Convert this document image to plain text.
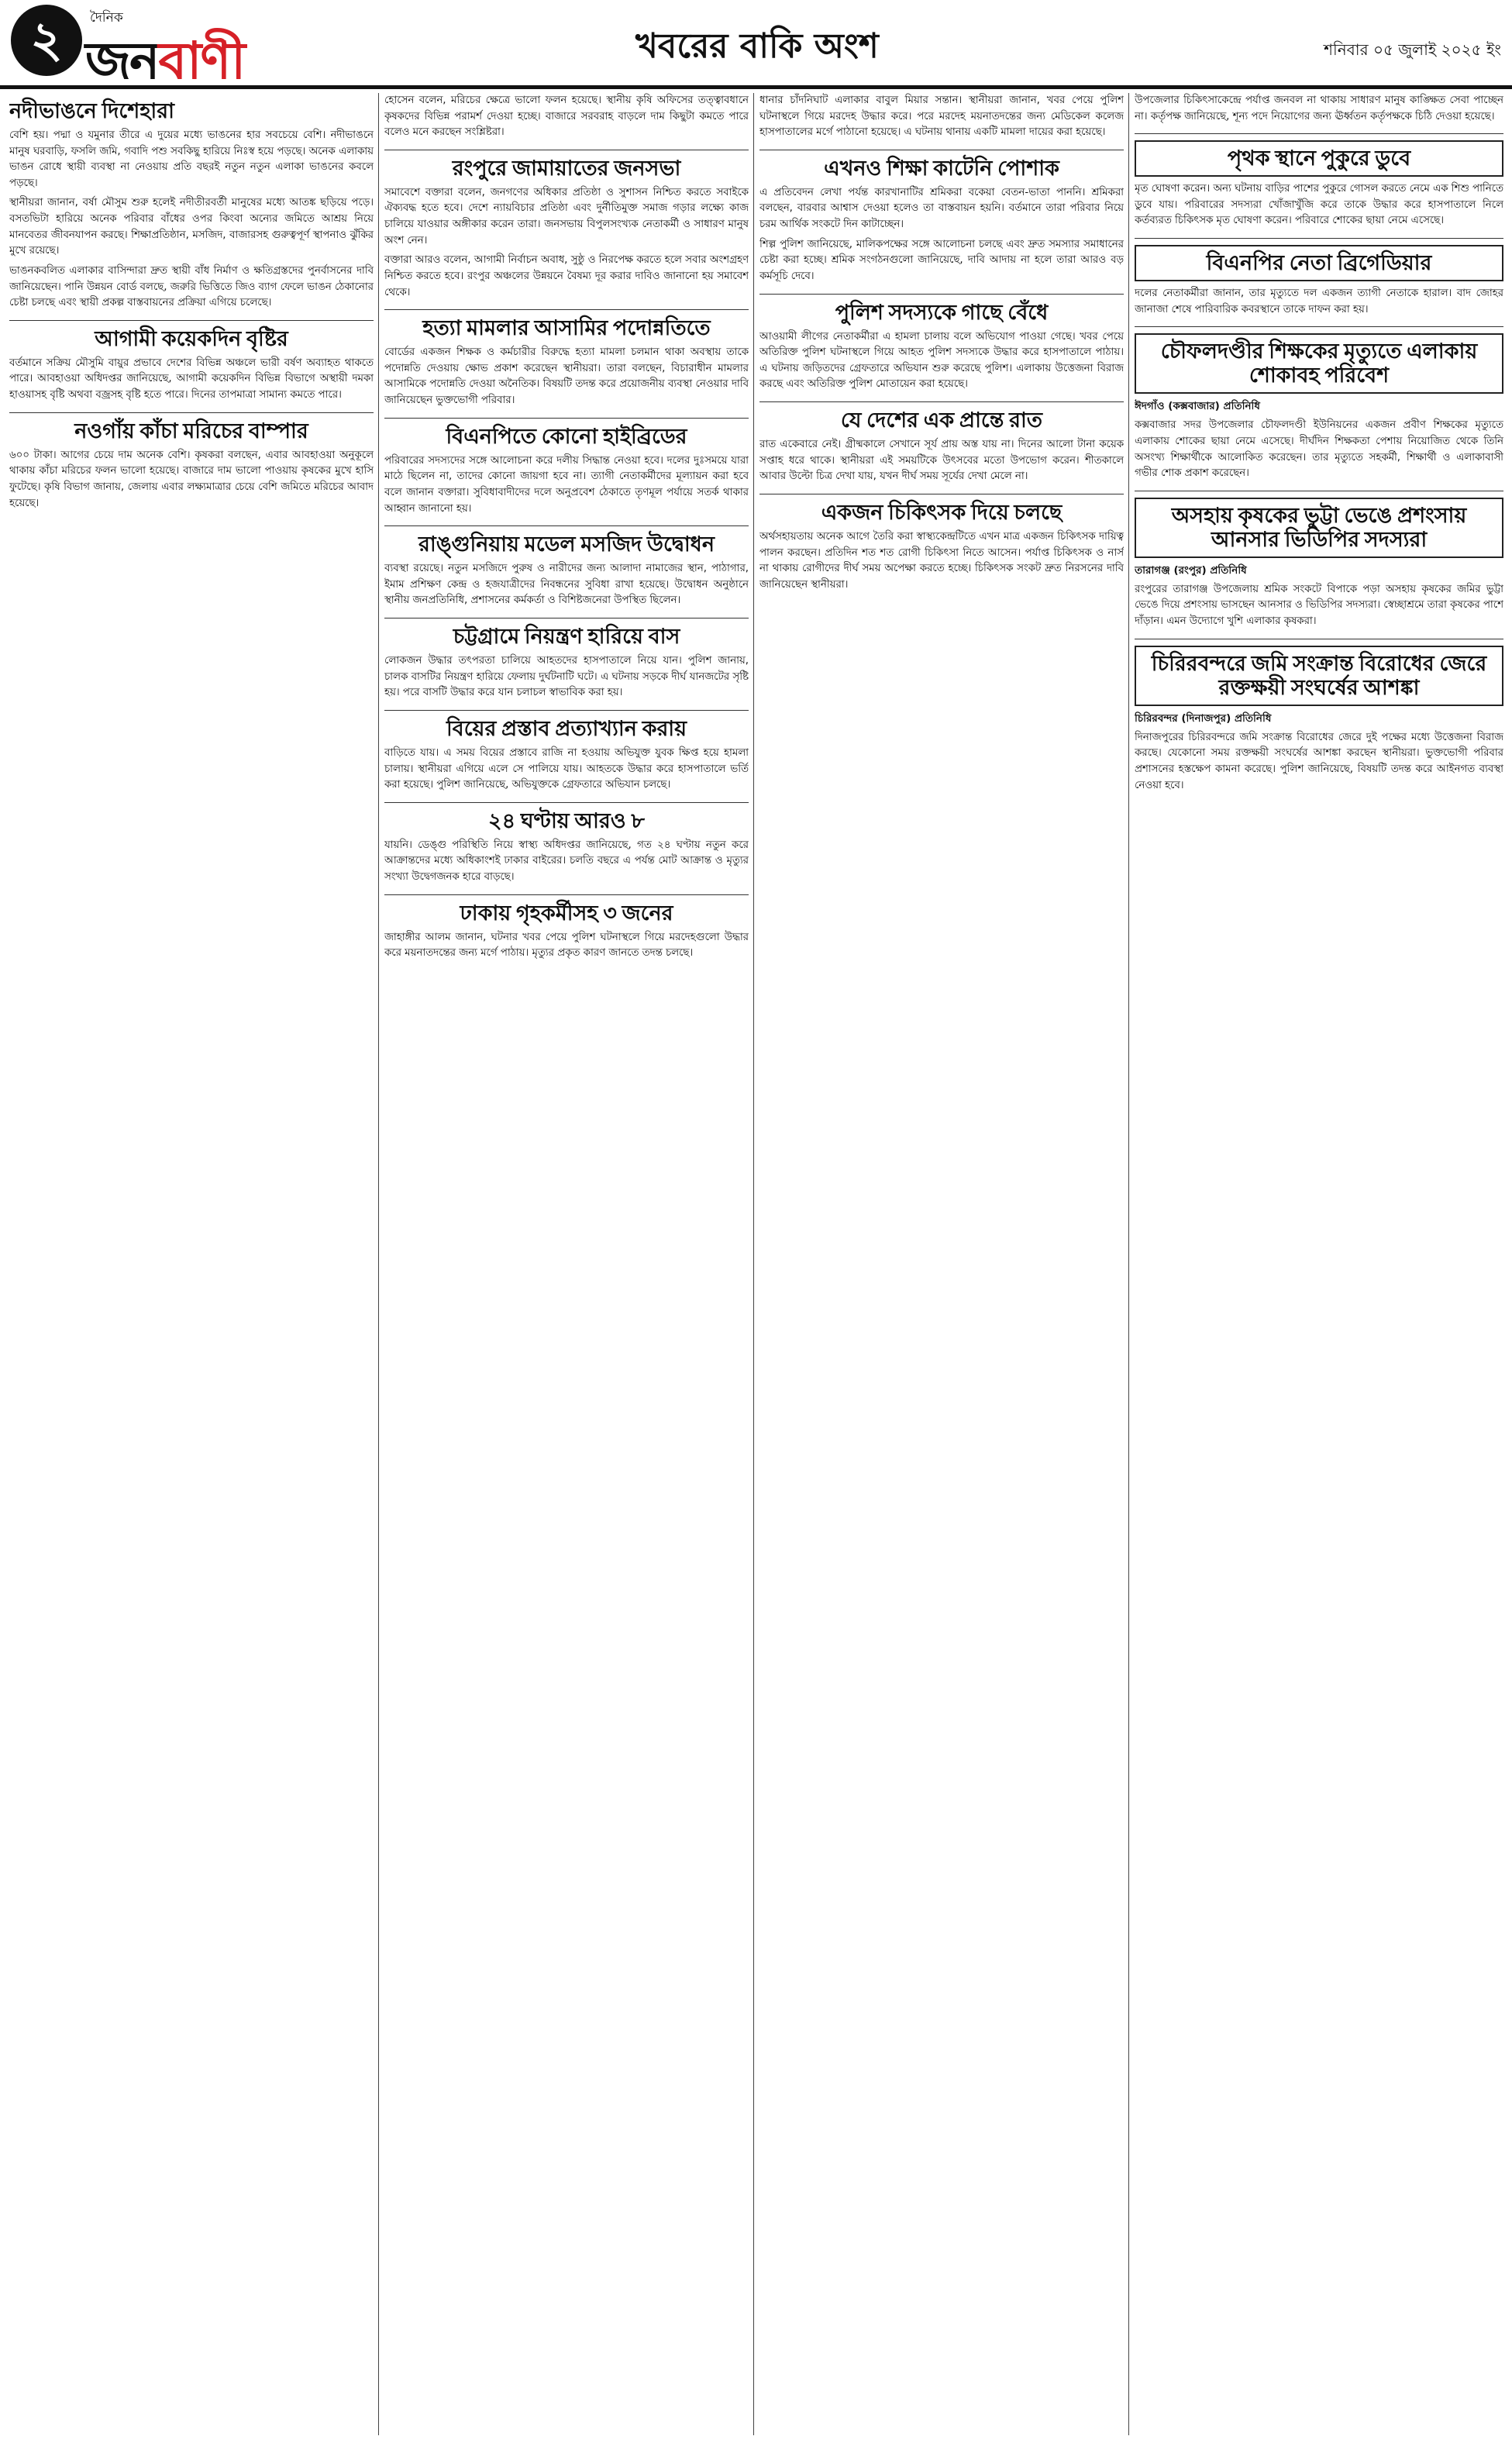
২	দৈনিক
জনবাণী	খবরের বাকি অংশ	শনিবার ০৫ জুলাই ২০২৫ ইং
নদীভাঙনে দিশেহারা

বেশি হয়। পদ্মা ও যমুনার তীরে এ দুয়ের মধ্যে ভাঙনের হার সবচেয়ে বেশি। নদীভাঙনে মানুষ ঘরবাড়ি, ফসলি জমি, গবাদি পশু সবকিছু হারিয়ে নিঃস্ব হয়ে পড়ছে। অনেক এলাকায় ভাঙন রোধে স্থায়ী ব্যবস্থা না নেওয়ায় প্রতি বছরই নতুন নতুন এলাকা ভাঙনের কবলে পড়ছে।

স্থানীয়রা জানান, বর্ষা মৌসুম শুরু হলেই নদীতীরবর্তী মানুষের মধ্যে আতঙ্ক ছড়িয়ে পড়ে। বসতভিটা হারিয়ে অনেক পরিবার বাঁধের ওপর কিংবা অন্যের জমিতে আশ্রয় নিয়ে মানবেতর জীবনযাপন করছে। শিক্ষাপ্রতিষ্ঠান, মসজিদ, বাজারসহ গুরুত্বপূর্ণ স্থাপনাও ঝুঁকির মুখে রয়েছে।

ভাঙনকবলিত এলাকার বাসিন্দারা দ্রুত স্থায়ী বাঁধ নির্মাণ ও ক্ষতিগ্রস্তদের পুনর্বাসনের দাবি জানিয়েছেন। পানি উন্নয়ন বোর্ড বলছে, জরুরি ভিত্তিতে জিও ব্যাগ ফেলে ভাঙন ঠেকানোর চেষ্টা চলছে এবং স্থায়ী প্রকল্প বাস্তবায়নের প্রক্রিয়া এগিয়ে চলেছে।

আগামী কয়েকদিন বৃষ্টির

বর্তমানে সক্রিয় মৌসুমি বায়ুর প্রভাবে দেশের বিভিন্ন অঞ্চলে ভারী বর্ষণ অব্যাহত থাকতে পারে। আবহাওয়া অধিদপ্তর জানিয়েছে, আগামী কয়েকদিন বিভিন্ন বিভাগে অস্থায়ী দমকা হাওয়াসহ বৃষ্টি অথবা বজ্রসহ বৃষ্টি হতে পারে। দিনের তাপমাত্রা সামান্য কমতে পারে।

নওগাঁয় কাঁচা মরিচের বাম্পার

৬০০ টাকা। আগের চেয়ে দাম অনেক বেশি। কৃষকরা বলছেন, এবার আবহাওয়া অনুকূলে থাকায় কাঁচা মরিচের ফলন ভালো হয়েছে। বাজারে দাম ভালো পাওয়ায় কৃষকের মুখে হাসি ফুটেছে। কৃষি বিভাগ জানায়, জেলায় এবার লক্ষ্যমাত্রার চেয়ে বেশি জমিতে মরিচের আবাদ হয়েছে।

হোসেন বলেন, মরিচের ক্ষেত্রে ভালো ফলন হয়েছে। স্থানীয় কৃষি অফিসের তত্ত্বাবধানে কৃষকদের বিভিন্ন পরামর্শ দেওয়া হচ্ছে। বাজারে সরবরাহ বাড়লে দাম কিছুটা কমতে পারে বলেও মনে করছেন সংশ্লিষ্টরা।

রংপুরে জামায়াতের জনসভা

সমাবেশে বক্তারা বলেন, জনগণের অধিকার প্রতিষ্ঠা ও সুশাসন নিশ্চিত করতে সবাইকে ঐক্যবদ্ধ হতে হবে। দেশে ন্যায়বিচার প্রতিষ্ঠা এবং দুর্নীতিমুক্ত সমাজ গড়ার লক্ষ্যে কাজ চালিয়ে যাওয়ার অঙ্গীকার করেন তারা। জনসভায় বিপুলসংখ্যক নেতাকর্মী ও সাধারণ মানুষ অংশ নেন।

বক্তারা আরও বলেন, আগামী নির্বাচন অবাধ, সুষ্ঠু ও নিরপেক্ষ করতে হলে সবার অংশগ্রহণ নিশ্চিত করতে হবে। রংপুর অঞ্চলের উন্নয়নে বৈষম্য দূর করার দাবিও জানানো হয় সমাবেশ থেকে।

হত্যা মামলার আসামির পদোন্নতিতে

বোর্ডের একজন শিক্ষক ও কর্মচারীর বিরুদ্ধে হত্যা মামলা চলমান থাকা অবস্থায় তাকে পদোন্নতি দেওয়ায় ক্ষোভ প্রকাশ করেছেন স্থানীয়রা। তারা বলছেন, বিচারাধীন মামলার আসামিকে পদোন্নতি দেওয়া অনৈতিক। বিষয়টি তদন্ত করে প্রয়োজনীয় ব্যবস্থা নেওয়ার দাবি জানিয়েছেন ভুক্তভোগী পরিবার।

বিএনপিতে কোনো হাইব্রিডের

পরিবারের সদস্যদের সঙ্গে আলোচনা করে দলীয় সিদ্ধান্ত নেওয়া হবে। দলের দুঃসময়ে যারা মাঠে ছিলেন না, তাদের কোনো জায়গা হবে না। ত্যাগী নেতাকর্মীদের মূল্যায়ন করা হবে বলে জানান বক্তারা। সুবিধাবাদীদের দলে অনুপ্রবেশ ঠেকাতে তৃণমূল পর্যায়ে সতর্ক থাকার আহ্বান জানানো হয়।

রাঙ্গুনিয়ায় মডেল মসজিদ উদ্বোধন

ব্যবস্থা রয়েছে। নতুন মসজিদে পুরুষ ও নারীদের জন্য আলাদা নামাজের স্থান, পাঠাগার, ইমাম প্রশিক্ষণ কেন্দ্র ও হজযাত্রীদের নিবন্ধনের সুবিধা রাখা হয়েছে। উদ্বোধন অনুষ্ঠানে স্থানীয় জনপ্রতিনিধি, প্রশাসনের কর্মকর্তা ও বিশিষ্টজনেরা উপস্থিত ছিলেন।

চট্টগ্রামে নিয়ন্ত্রণ হারিয়ে বাস

লোকজন উদ্ধার তৎপরতা চালিয়ে আহতদের হাসপাতালে নিয়ে যান। পুলিশ জানায়, চালক বাসটির নিয়ন্ত্রণ হারিয়ে ফেলায় দুর্ঘটনাটি ঘটে। এ ঘটনায় সড়কে দীর্ঘ যানজটের সৃষ্টি হয়। পরে বাসটি উদ্ধার করে যান চলাচল স্বাভাবিক করা হয়।

বিয়ের প্রস্তাব প্রত্যাখ্যান করায়

বাড়িতে যায়। এ সময় বিয়ের প্রস্তাবে রাজি না হওয়ায় অভিযুক্ত যুবক ক্ষিপ্ত হয়ে হামলা চালায়। স্থানীয়রা এগিয়ে এলে সে পালিয়ে যায়। আহতকে উদ্ধার করে হাসপাতালে ভর্তি করা হয়েছে। পুলিশ জানিয়েছে, অভিযুক্তকে গ্রেফতারে অভিযান চলছে।

২৪ ঘণ্টায় আরও ৮

যায়নি। ডেঙ্গু পরিস্থিতি নিয়ে স্বাস্থ্য অধিদপ্তর জানিয়েছে, গত ২৪ ঘণ্টায় নতুন করে আক্রান্তদের মধ্যে অধিকাংশই ঢাকার বাইরের। চলতি বছরে এ পর্যন্ত মোট আক্রান্ত ও মৃত্যুর সংখ্যা উদ্বেগজনক হারে বাড়ছে।

ঢাকায় গৃহকর্মীসহ ৩ জনের

জাহাঙ্গীর আলম জানান, ঘটনার খবর পেয়ে পুলিশ ঘটনাস্থলে গিয়ে মরদেহগুলো উদ্ধার করে ময়নাতদন্তের জন্য মর্গে পাঠায়। মৃত্যুর প্রকৃত কারণ জানতে তদন্ত চলছে।

ধানার চাঁদনিঘাট এলাকার বাবুল মিয়ার সন্তান। স্থানীয়রা জানান, খবর পেয়ে পুলিশ ঘটনাস্থলে গিয়ে মরদেহ উদ্ধার করে। পরে মরদেহ ময়নাতদন্তের জন্য মেডিকেল কলেজ হাসপাতালের মর্গে পাঠানো হয়েছে। এ ঘটনায় থানায় একটি মামলা দায়ের করা হয়েছে।

এখনও শিক্ষা কাটেনি পোশাক

এ প্রতিবেদন লেখা পর্যন্ত কারখানাটির শ্রমিকরা বকেয়া বেতন-ভাতা পাননি। শ্রমিকরা বলছেন, বারবার আশ্বাস দেওয়া হলেও তা বাস্তবায়ন হয়নি। বর্তমানে তারা পরিবার নিয়ে চরম আর্থিক সংকটে দিন কাটাচ্ছেন।

শিল্প পুলিশ জানিয়েছে, মালিকপক্ষের সঙ্গে আলোচনা চলছে এবং দ্রুত সমস্যার সমাধানের চেষ্টা করা হচ্ছে। শ্রমিক সংগঠনগুলো জানিয়েছে, দাবি আদায় না হলে তারা আরও বড় কর্মসূচি দেবে।

পুলিশ সদস্যকে গাছে বেঁধে

আওয়ামী লীগের নেতাকর্মীরা এ হামলা চালায় বলে অভিযোগ পাওয়া গেছে। খবর পেয়ে অতিরিক্ত পুলিশ ঘটনাস্থলে গিয়ে আহত পুলিশ সদস্যকে উদ্ধার করে হাসপাতালে পাঠায়। এ ঘটনায় জড়িতদের গ্রেফতারে অভিযান শুরু করেছে পুলিশ। এলাকায় উত্তেজনা বিরাজ করছে এবং অতিরিক্ত পুলিশ মোতায়েন করা হয়েছে।

যে দেশের এক প্রান্তে রাত

রাত একেবারে নেই। গ্রীষ্মকালে সেখানে সূর্য প্রায় অস্ত যায় না। দিনের আলো টানা কয়েক সপ্তাহ ধরে থাকে। স্থানীয়রা এই সময়টিকে উৎসবের মতো উপভোগ করেন। শীতকালে আবার উল্টো চিত্র দেখা যায়, যখন দীর্ঘ সময় সূর্যের দেখা মেলে না।

একজন চিকিৎসক দিয়ে চলছে

অর্থসহায়তায় অনেক আগে তৈরি করা স্বাস্থ্যকেন্দ্রটিতে এখন মাত্র একজন চিকিৎসক দায়িত্ব পালন করছেন। প্রতিদিন শত শত রোগী চিকিৎসা নিতে আসেন। পর্যাপ্ত চিকিৎসক ও নার্স না থাকায় রোগীদের দীর্ঘ সময় অপেক্ষা করতে হচ্ছে। চিকিৎসক সংকট দ্রুত নিরসনের দাবি জানিয়েছেন স্থানীয়রা।

উপজেলার চিকিৎসাকেন্দ্রে পর্যাপ্ত জনবল না থাকায় সাধারণ মানুষ কাঙ্ক্ষিত সেবা পাচ্ছেন না। কর্তৃপক্ষ জানিয়েছে, শূন্য পদে নিয়োগের জন্য ঊর্ধ্বতন কর্তৃপক্ষকে চিঠি দেওয়া হয়েছে।

পৃথক স্থানে পুকুরে ডুবে

মৃত ঘোষণা করেন। অন্য ঘটনায় বাড়ির পাশের পুকুরে গোসল করতে নেমে এক শিশু পানিতে ডুবে যায়। পরিবারের সদস্যরা খোঁজাখুঁজি করে তাকে উদ্ধার করে হাসপাতালে নিলে কর্তব্যরত চিকিৎসক মৃত ঘোষণা করেন। পরিবারে শোকের ছায়া নেমে এসেছে।

বিএনপির নেতা ব্রিগেডিয়ার

দলের নেতাকর্মীরা জানান, তার মৃত্যুতে দল একজন ত্যাগী নেতাকে হারাল। বাদ জোহর জানাজা শেষে পারিবারিক কবরস্থানে তাকে দাফন করা হয়।

চৌফলদণ্ডীর শিক্ষকের মৃত্যুতে এলাকায় শোকাবহ পরিবেশ

ঈদগাঁও (কক্সবাজার) প্রতিনিধি

কক্সবাজার সদর উপজেলার চৌফলদণ্ডী ইউনিয়নের একজন প্রবীণ শিক্ষকের মৃত্যুতে এলাকায় শোকের ছায়া নেমে এসেছে। দীর্ঘদিন শিক্ষকতা পেশায় নিয়োজিত থেকে তিনি অসংখ্য শিক্ষার্থীকে আলোকিত করেছেন। তার মৃত্যুতে সহকর্মী, শিক্ষার্থী ও এলাকাবাসী গভীর শোক প্রকাশ করেছেন।

অসহায় কৃষকের ভুট্টা ভেঙে প্রশংসায় আনসার ভিডিপির সদস্যরা

তারাগঞ্জ (রংপুর) প্রতিনিধি

রংপুরের তারাগঞ্জ উপজেলায় শ্রমিক সংকটে বিপাকে পড়া অসহায় কৃষকের জমির ভুট্টা ভেঙে দিয়ে প্রশংসায় ভাসছেন আনসার ও ভিডিপির সদস্যরা। স্বেচ্ছাশ্রমে তারা কৃষকের পাশে দাঁড়ান। এমন উদ্যোগে খুশি এলাকার কৃষকরা।

চিরিরবন্দরে জমি সংক্রান্ত বিরোধের জেরে রক্তক্ষয়ী সংঘর্ষের আশঙ্কা

চিরিরবন্দর (দিনাজপুর) প্রতিনিধি

দিনাজপুরের চিরিরবন্দরে জমি সংক্রান্ত বিরোধের জেরে দুই পক্ষের মধ্যে উত্তেজনা বিরাজ করছে। যেকোনো সময় রক্তক্ষয়ী সংঘর্ষের আশঙ্কা করছেন স্থানীয়রা। ভুক্তভোগী পরিবার প্রশাসনের হস্তক্ষেপ কামনা করেছে। পুলিশ জানিয়েছে, বিষয়টি তদন্ত করে আইনগত ব্যবস্থা নেওয়া হবে।
